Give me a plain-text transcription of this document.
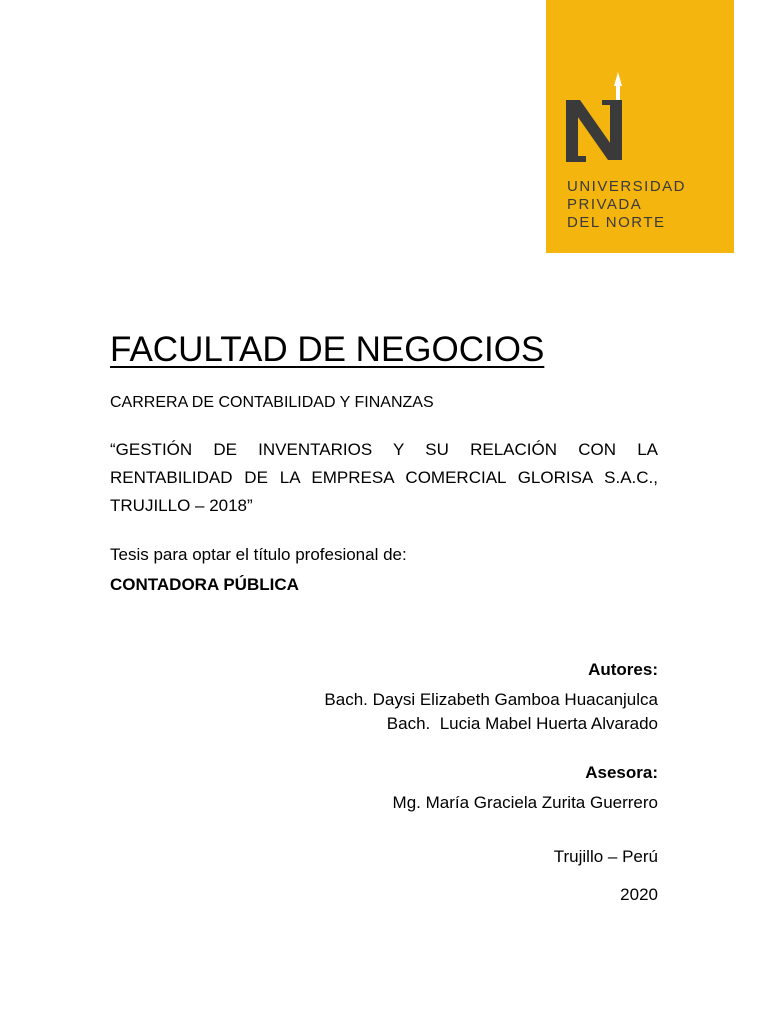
UNIVERSIDAD
PRIVADA
DEL NORTE
FACULTAD DE NEGOCIOS
CARRERA DE CONTABILIDAD Y FINANZAS
“GESTIÓN DE INVENTARIOS Y SU RELACIÓN CON LA RENTABILIDAD DE LA EMPRESA COMERCIAL GLORISA S.A.C., TRUJILLO – 2018”
Tesis para optar el título profesional de:
CONTADORA PÚBLICA
Autores:
Bach. Daysi Elizabeth Gamboa Huacanjulca
Bach.  Lucia Mabel Huerta Alvarado
Asesora:
Mg. María Graciela Zurita Guerrero
Trujillo – Perú
2020
